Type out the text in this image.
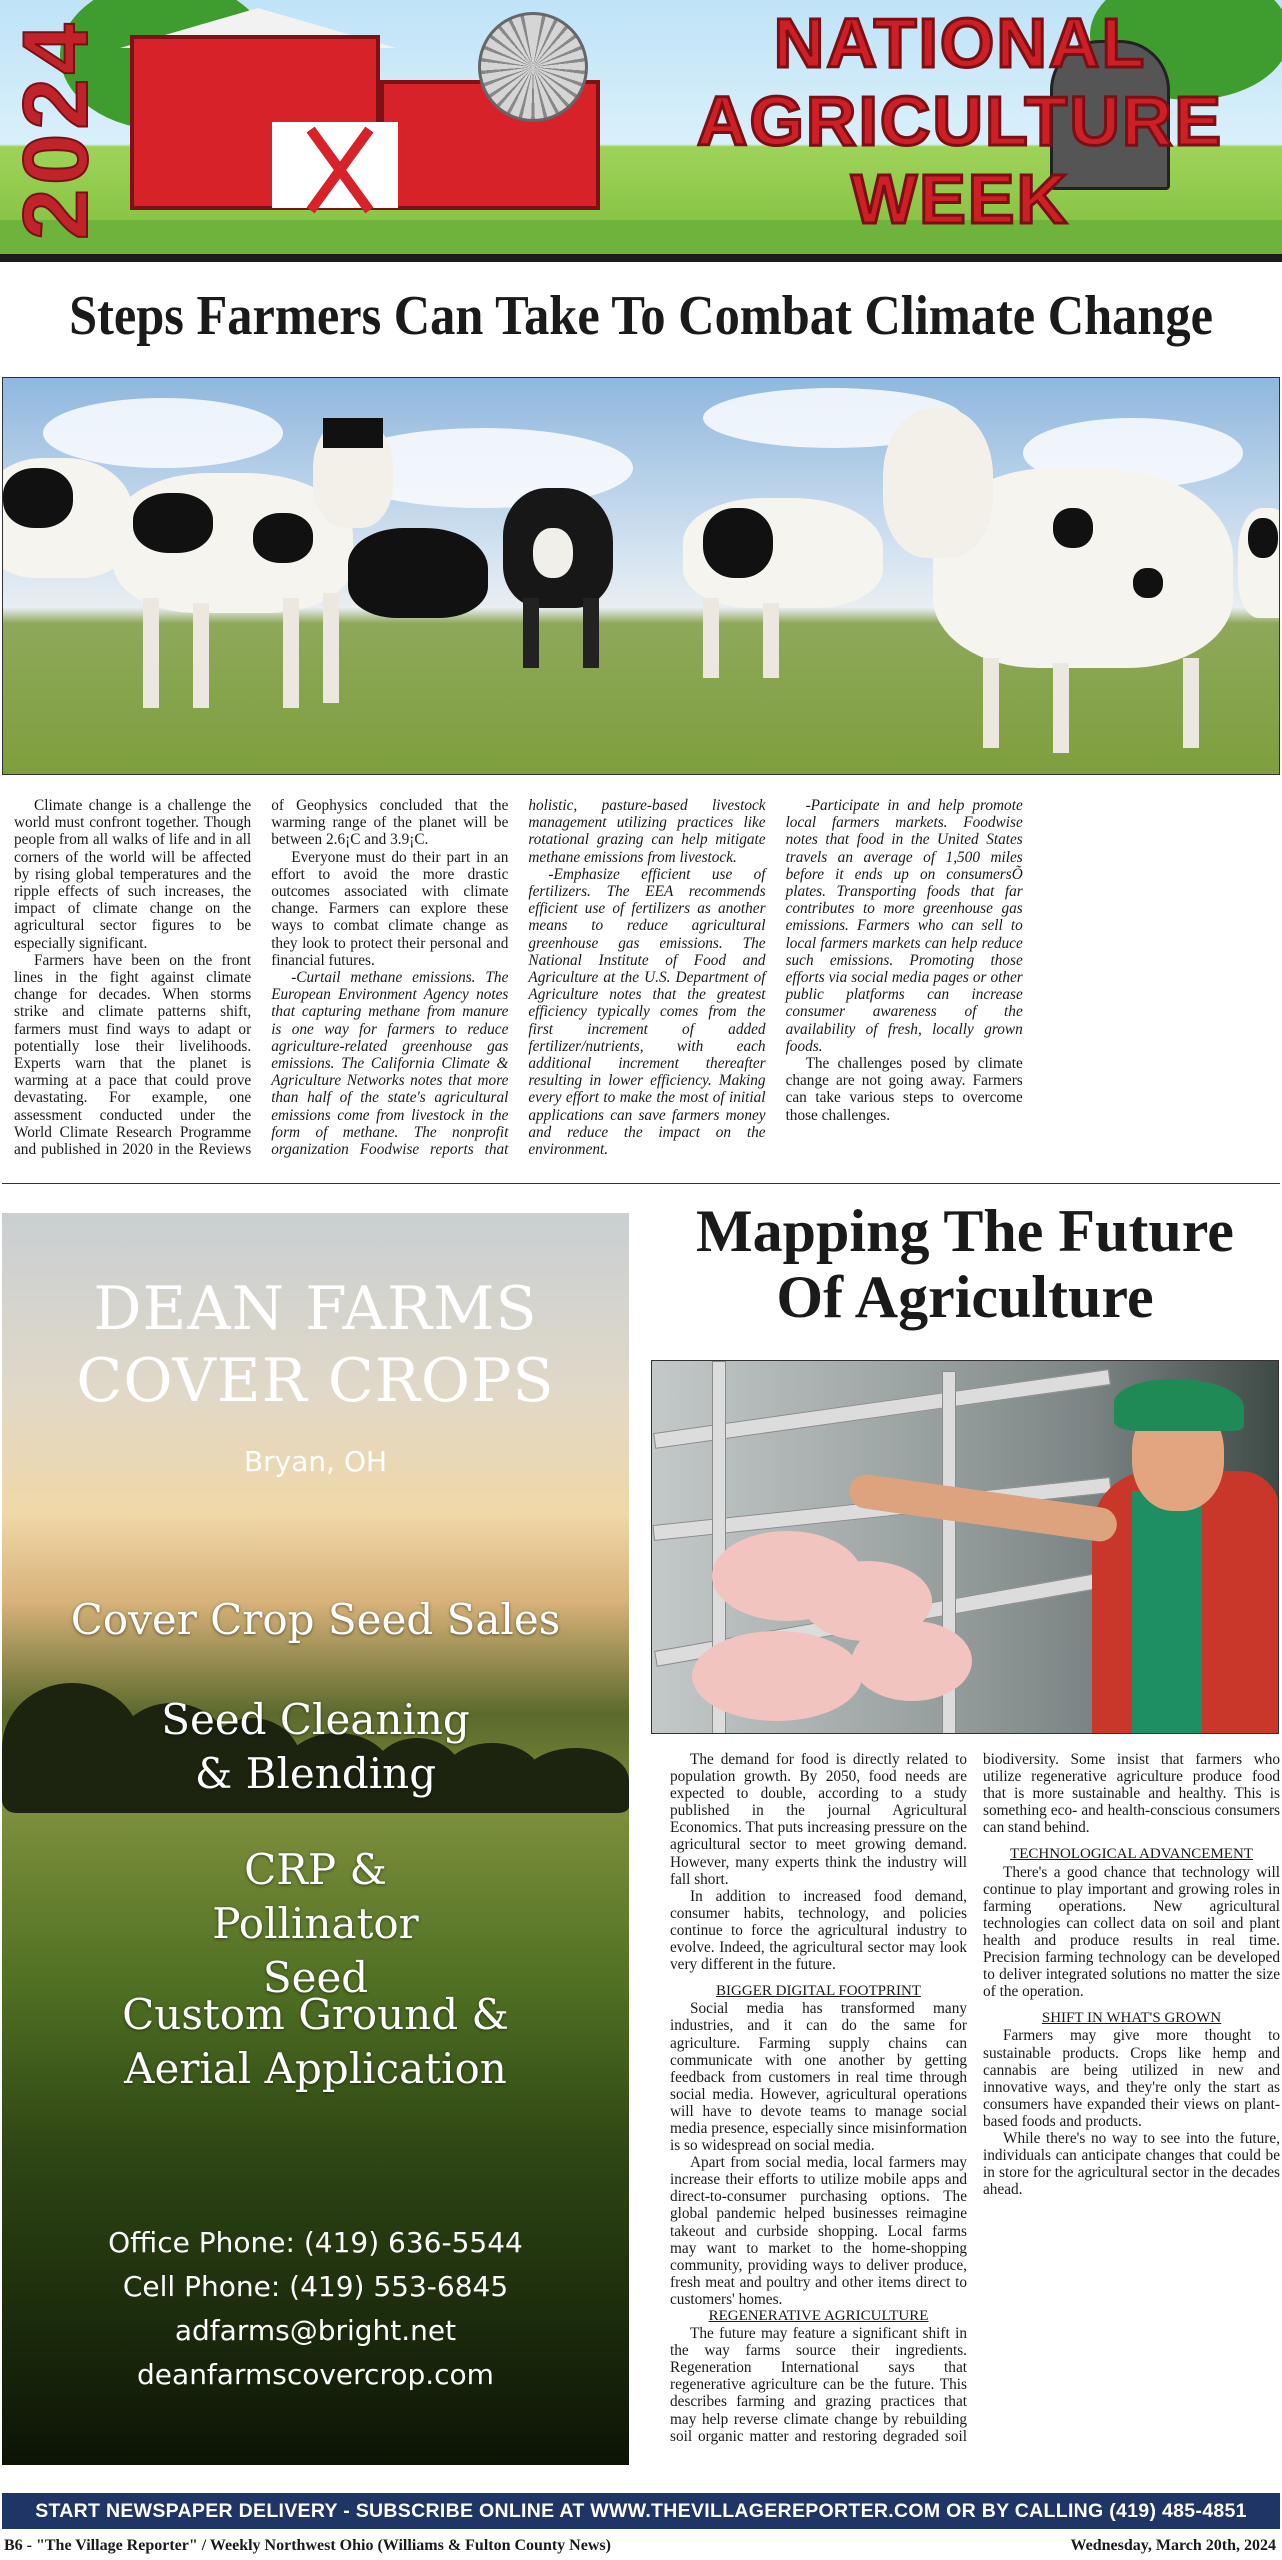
2024	NATIONAL
AGRICULTURE
WEEK
Steps Farmers Can Take To Combat Climate Change

Climate change is a challenge the world must confront together. Though people from all walks of life and in all corners of the world will be affected by rising global temperatures and the ripple effects of such increases, the impact of climate change on the agricultural sector figures to be especially significant.

Farmers have been on the front lines in the fight against climate change for decades. When storms strike and climate patterns shift, farmers must find ways to adapt or potentially lose their livelihoods. Experts warn that the planet is warming at a pace that could prove devastating. For example, one assessment conducted under the World Climate Research Programme and published in 2020 in the Reviews of Geophysics concluded that the warming range of the planet will be between 2.6¡C and 3.9¡C.

Everyone must do their part in an effort to avoid the more drastic outcomes associated with climate change. Farmers can explore these ways to combat climate change as they look to protect their personal and financial futures.

-Curtail methane emissions. The European Environment Agency notes that capturing methane from manure is one way for farmers to reduce agriculture-related greenhouse gas emissions. The California Climate & Agriculture Networks notes that more than half of the state's agricultural emissions come from livestock in the form of methane. The nonprofit organization Foodwise reports that holistic, pasture-based livestock management utilizing practices like rotational grazing can help mitigate methane emissions from livestock.

-Emphasize efficient use of fertilizers. The EEA recommends efficient use of fertilizers as another means to reduce agricultural greenhouse gas emissions. The National Institute of Food and Agriculture at the U.S. Department of Agriculture notes that the greatest efficiency typically comes from the first increment of added fertilizer/nutrients, with each additional increment thereafter resulting in lower efficiency. Making every effort to make the most of initial applications can save farmers money and reduce the impact on the environment.

-Participate in and help promote local farmers markets. Foodwise notes that food in the United States travels an average of 1,500 miles before it ends up on consumersÕ plates. Transporting foods that far contributes to more greenhouse gas emissions. Farmers who can sell to local farmers markets can help reduce such emissions. Promoting those efforts via social media pages or other public platforms can increase consumer awareness of the availability of fresh, locally grown foods.

The challenges posed by climate change are not going away. Farmers can take various steps to overcome those challenges.

DEAN FARMS
COVER CROPS
Bryan, OH
Cover Crop Seed Sales
Seed Cleaning & Blending
CRP & Pollinator Seed
Custom Ground & Aerial Application
Office Phone: (419) 636-5544
Cell Phone: (419) 553-6845
adfarms@bright.net
deanfarmscovercrop.com
Mapping The Future
Of Agriculture

The demand for food is directly related to population growth. By 2050, food needs are expected to double, according to a study published in the journal Agricultural Economics. That puts increasing pressure on the agricultural sector to meet growing demand. However, many experts think the industry will fall short.

In addition to increased food demand, consumer habits, technology, and policies continue to force the agricultural industry to evolve. Indeed, the agricultural sector may look very different in the future.

BIGGER DIGITAL FOOTPRINT

Social media has transformed many industries, and it can do the same for agriculture. Farming supply chains can communicate with one another by getting feedback from customers in real time through social media. However, agricultural operations will have to devote teams to manage social media presence, especially since misinformation is so widespread on social media.

Apart from social media, local farmers may increase their efforts to utilize mobile apps and direct-to-consumer purchasing options. The global pandemic helped businesses reimagine takeout and curbside shopping. Local farms may want to market to the home-shopping community, providing ways to deliver produce, fresh meat and poultry and other items direct to customers' homes.

REGENERATIVE AGRICULTURE

The future may feature a significant shift in the way farms source their ingredients. Regeneration International says that regenerative agriculture can be the future. This describes farming and grazing practices that may help reverse climate change by rebuilding soil organic matter and restoring degraded soil biodiversity. Some insist that farmers who utilize regenerative agriculture produce food that is more sustainable and healthy. This is something eco- and health-conscious consumers can stand behind.

TECHNOLOGICAL ADVANCEMENT

There's a good chance that technology will continue to play important and growing roles in farming operations. New agricultural technologies can collect data on soil and plant health and produce results in real time. Precision farming technology can be developed to deliver integrated solutions no matter the size of the operation.

SHIFT IN WHAT'S GROWN

Farmers may give more thought to sustainable products. Crops like hemp and cannabis are being utilized in new and innovative ways, and they're only the start as consumers have expanded their views on plant-based foods and products.

While there's no way to see into the future, individuals can anticipate changes that could be in store for the agricultural sector in the decades ahead.

START NEWSPAPER DELIVERY - SUBSCRIBE ONLINE AT WWW.THEVILLAGEREPORTER.COM OR BY CALLING (419) 485-4851
B6 - "The Village Reporter" / Weekly Northwest Ohio (Williams & Fulton County News)	Wednesday, March 20th, 2024
